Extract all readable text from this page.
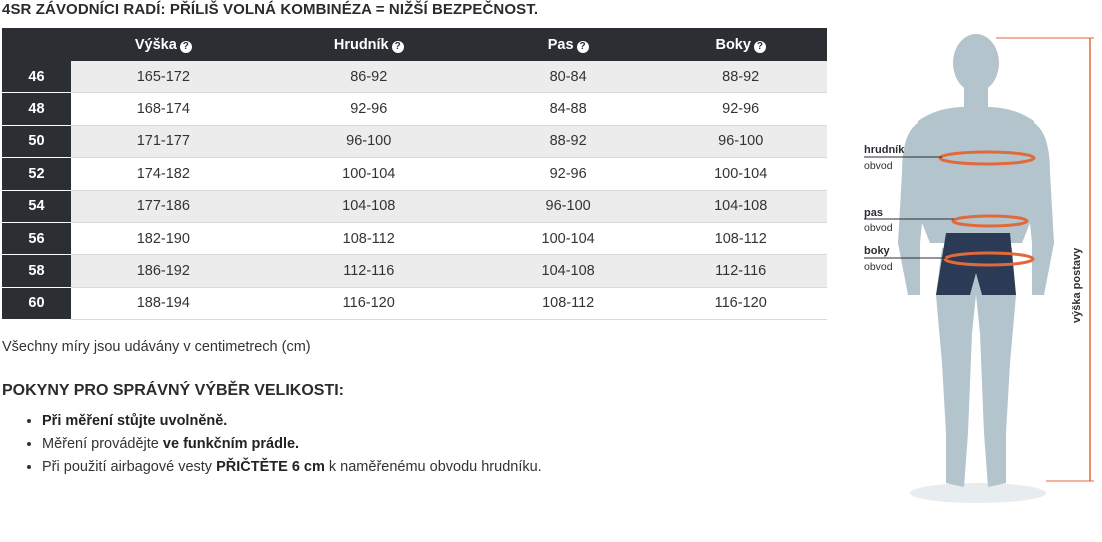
4SR ZÁVODNÍCI RADÍ: PŘÍLIŠ VOLNÁ KOMBINÉZA = NIŽŠÍ BEZPEČNOST.
	Výška ?	Hrudník ?	Pas ?	Boky ?
46	165-172	86-92	80-84	88-92
48	168-174	92-96	84-88	92-96
50	171-177	96-100	88-92	96-100
52	174-182	100-104	92-96	100-104
54	177-186	104-108	96-100	104-108
56	182-190	108-112	100-104	108-112
58	186-192	112-116	104-108	112-116
60	188-194	116-120	108-112	116-120
Všechny míry jsou udávány v centimetrech (cm)
POKYNY PRO SPRÁVNÝ VÝBĚR VELIKOSTI:
• Při měření stůjte uvolněně.
• Měření provádějte ve funkčním prádle.
• Při použití airbagové vesty PŘIČTĚTE 6 cm k naměřenému obvodu hrudníku.
hrudník
obvod
pas
obvod
boky
obvod	výška postavy
